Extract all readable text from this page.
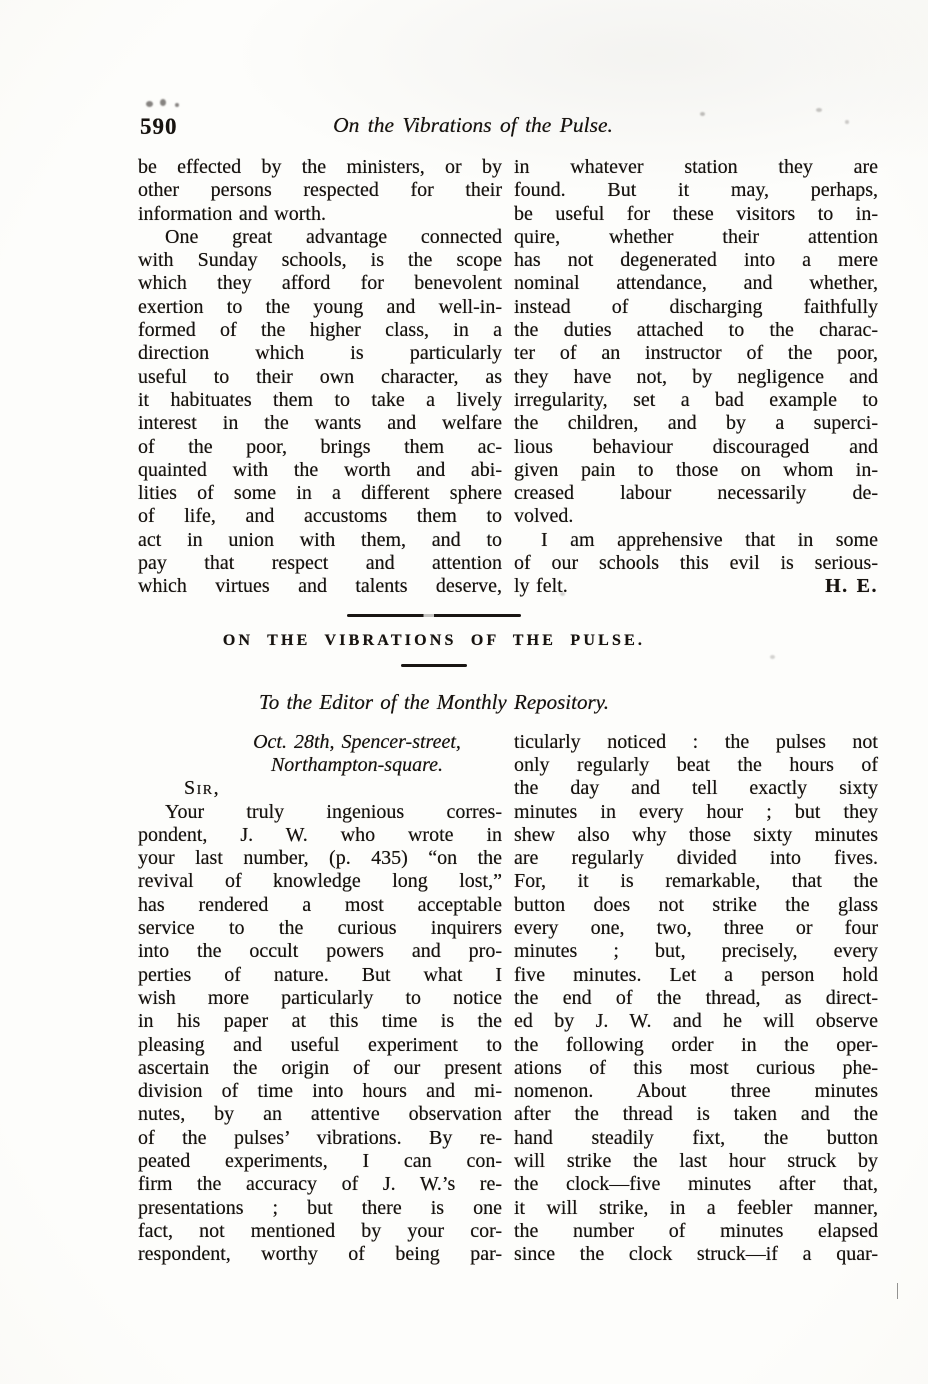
590	On the Vibrations of the Pulse.
be effected by the ministers, or by
other persons respected for their
information and worth.
One great advantage connected
with Sunday schools, is the scope
which they afford for benevolent
exertion to the young and well-in-
formed of the higher class, in a
direction which is particularly
useful to their own character, as
it habituates them to take a lively
interest in the wants and welfare
of the poor, brings them ac-
quainted with the worth and abi-
lities of some in a different sphere
of life, and accustoms them to
act in union with them, and to
pay that respect and attention
which virtues and talents deserve,
in whatever station they are
found. But it may, perhaps,
be useful for these visitors to in-
quire, whether their attention
has not degenerated into a mere
nominal attendance, and whether,
instead of discharging faithfully
the duties attached to the charac-
ter of an instructor of the poor,
they have not, by negligence and
irregularity, set a bad example to
the children, and by a superci-
lious behaviour discouraged and
given pain to those on whom in-
creased labour necessarily de-
volved.
I am apprehensive that in some
of our schools this evil is serious-
ly felt.	H. E.
ON THE VIBRATIONS OF THE PULSE.
To the Editor of the Monthly Repository.
Oct. 28th, Spencer-street,
Northampton-square.
Sir,
Your truly ingenious corres-
pondent, J. W. who wrote in
your last number, (p. 435) “on the
revival of knowledge long lost,”
has rendered a most acceptable
service to the curious inquirers
into the occult powers and pro-
perties of nature. But what I
wish more particularly to notice
in his paper at this time is the
pleasing and useful experiment to
ascertain the origin of our present
division of time into hours and mi-
nutes, by an attentive observation
of the pulses’ vibrations. By re-
peated experiments, I can con-
firm the accuracy of J. W.’s re-
presentations ; but there is one
fact, not mentioned by your cor-
respondent, worthy of being par-
ticularly noticed : the pulses not
only regularly beat the hours of
the day and tell exactly sixty
minutes in every hour ; but they
shew also why those sixty minutes
are regularly divided into fives.
For, it is remarkable, that the
button does not strike the glass
every one, two, three or four
minutes ; but, precisely, every
five minutes. Let a person hold
the end of the thread, as direct-
ed by J. W. and he will observe
the following order in the oper-
ations of this most curious phe-
nomenon. About three minutes
after the thread is taken and the
hand steadily fixt, the button
will strike the last hour struck by
the clock—five minutes after that,
it will strike, in a feebler manner,
the number of minutes elapsed
since the clock struck—if a quar-
